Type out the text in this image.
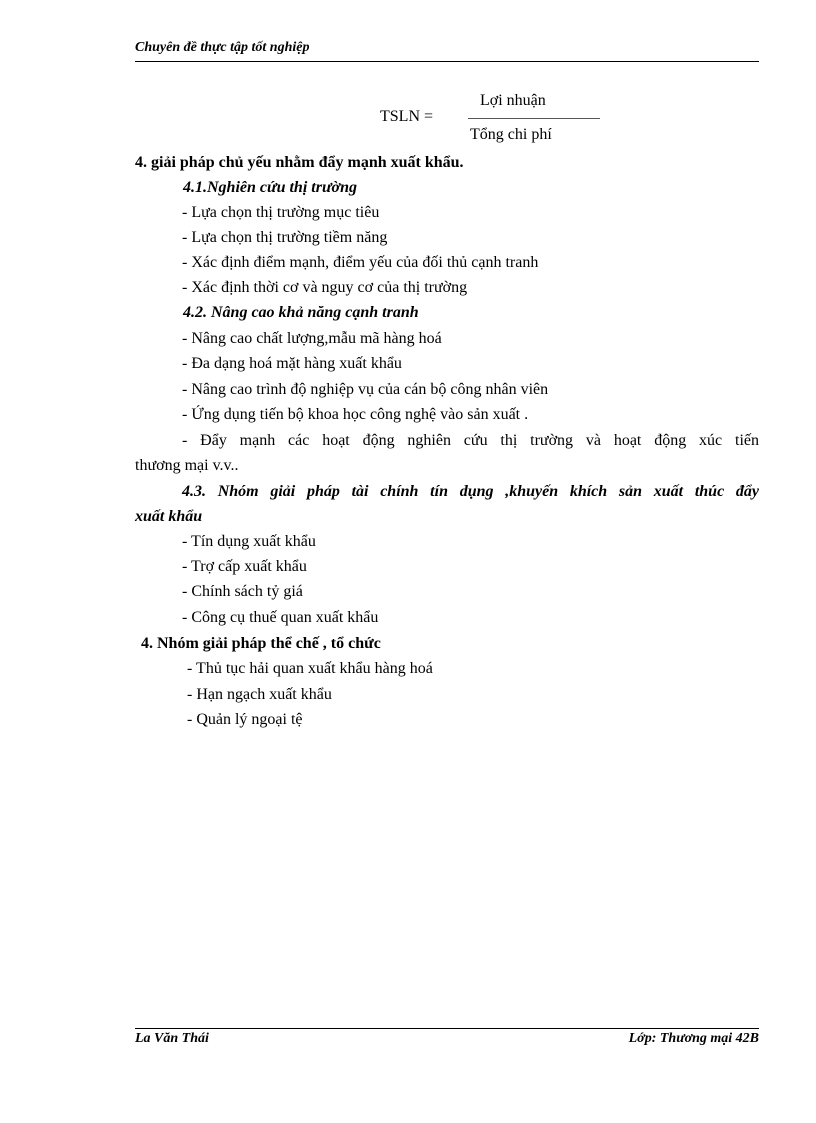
Chuyên đề thực tập tốt nghiệp
TSLN =
Lợi nhuận
Tổng chi phí
4. giải pháp chủ yếu nhằm đẩy mạnh xuất khẩu.
4.1.Nghiên cứu thị trường
- Lựa chọn thị trường mục tiêu
- Lựa chọn thị trường tiềm năng
- Xác định điểm mạnh, điểm yếu của đối thủ cạnh tranh
- Xác định thời cơ và nguy cơ của thị trường
4.2. Nâng cao khả năng cạnh tranh
- Nâng cao chất lượng,mẫu mã hàng hoá
- Đa dạng hoá mặt hàng xuất khẩu
- Nâng cao trình độ nghiệp vụ của cán bộ công nhân viên
- Ứng dụng tiến bộ khoa học công nghệ vào sản xuất .
- Đẩy mạnh các hoạt động nghiên cứu thị trường và hoạt động xúc tiến
thương mại v.v..
4.3. Nhóm giải pháp tài chính tín dụng ,khuyến khích sản xuất thúc đẩy
xuất khẩu
- Tín dụng xuất khẩu
- Trợ cấp xuất khẩu
- Chính sách tỷ giá
- Công cụ thuế quan xuất khẩu
4. Nhóm giải pháp thể chế , tổ chức
- Thủ tục hải quan xuất khẩu hàng hoá
- Hạn ngạch xuất khẩu
- Quản lý ngoại tệ
La Văn Thái	Lớp: Thương mại 42B
